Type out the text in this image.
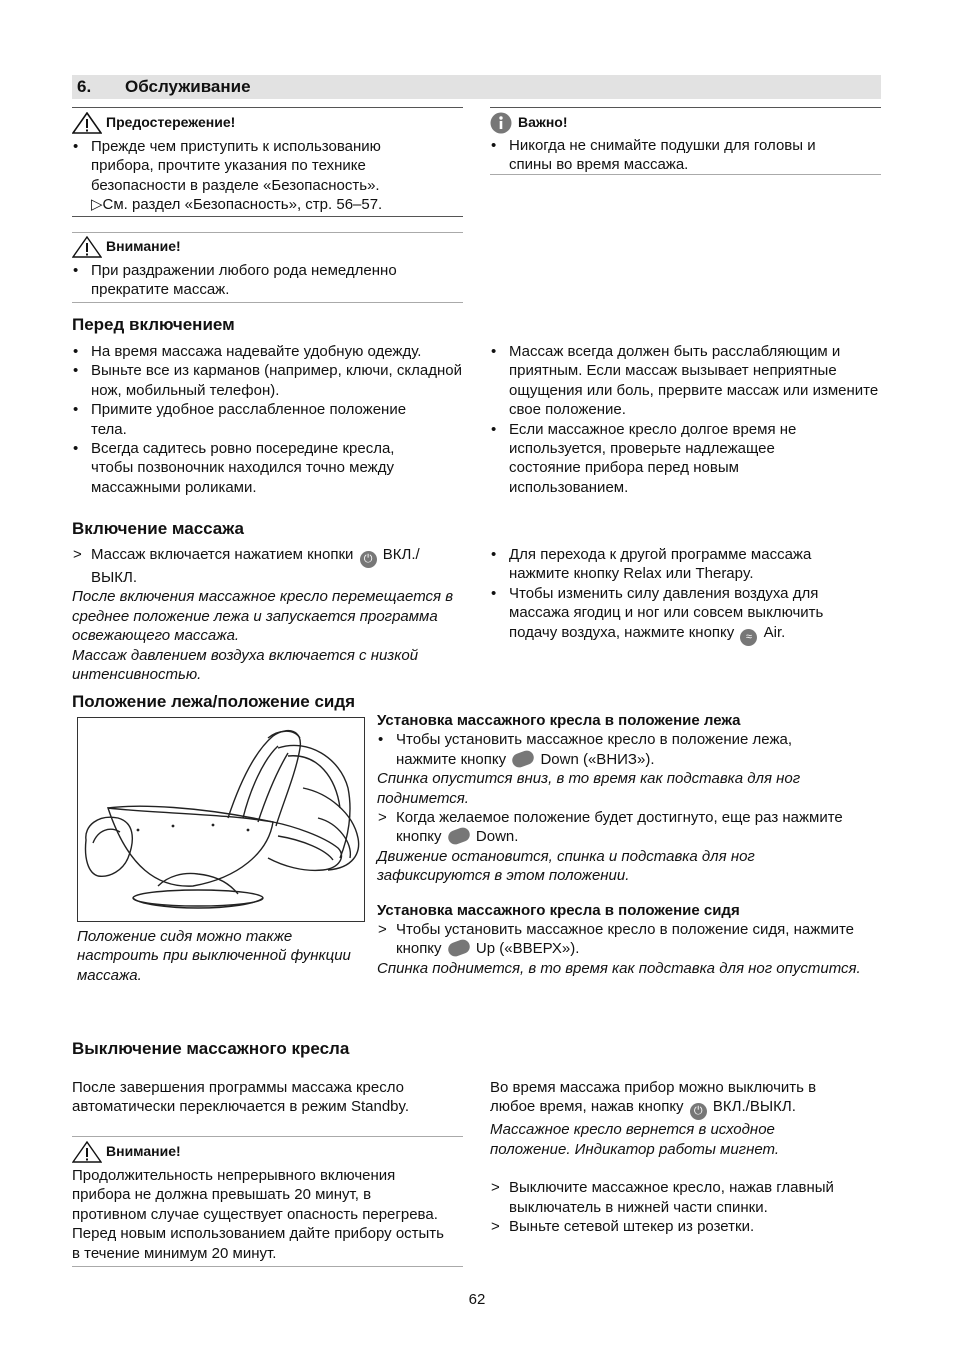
6. Обслуживание
Предостережение!
• Прежде чем приступить к использованию прибора, прочтите указания по технике безопасности в разделе «Безопасность».
▷См. раздел «Безопасность», стр. 56–57.
Внимание!
• При раздражении любого рода немедленно прекратите массаж.
Важно!
• Никогда не снимайте подушки для головы и спины во время массажа.
Перед включением
• На время массажа надевайте удобную одежду.
• Выньте все из карманов (например, ключи, складной нож, мобильный телефон).
• Примите удобное расслабленное положение тела.
• Всегда садитесь ровно посередине кресла, чтобы позвоночник находился точно между массажными роликами.
• Массаж всегда должен быть расслабляющим и приятным. Если массаж вызывает неприятные ощущения или боль, прервите массаж или измените свое положение.
• Если массажное кресло долгое время не используется, проверьте надлежащее состояние прибора перед новым использованием.
Включение массажа
> Массаж включается нажатием кнопки ⏻ ВКЛ./ВЫКЛ.

После включения массажное кресло перемещается в среднее положение лежа и запускается программа освежающего массажа.

Массаж давлением воздуха включается с низкой интенсивностью.

• Для перехода к другой программе массажа нажмите кнопку Relax или Therapy.
• Чтобы изменить силу давления воздуха для массажа ягодиц и ног или совсем выключить подачу воздуха, нажмите кнопку ≈ Air.
Положение лежа/положение сидя

Положение сидя можно также настроить при выключенной функции массажа.

Установка массажного кресла в положение лежа

• Чтобы установить массажное кресло в положение лежа, нажмите кнопку Down («ВНИЗ»).

Спинка опустится вниз, в то время как подставка для ног поднимется.

> Когда желаемое положение будет достигнуто, еще раз нажмите кнопку Down.

Движение остановится, спинка и подставка для ног зафиксируются в этом положении.

Установка массажного кресла в положение сидя

> Чтобы установить массажное кресло в положение сидя, нажмите кнопку Up («ВВЕРХ»).

Спинка поднимется, в то время как подставка для ног опустится.

Выключение массажного кресла

После завершения программы массажа кресло автоматически переключается в режим Standby.

Внимание!

Продолжительность непрерывного включения прибора не должна превышать 20 минут, в противном случае существует опасность перегрева. Перед новым использованием дайте прибору остыть в течение минимум 20 минут.

Во время массажа прибор можно выключить в любое время, нажав кнопку ⏻ ВКЛ./ВЫКЛ.

Массажное кресло вернется в исходное положение. Индикатор работы мигнет.

> Выключите массажное кресло, нажав главный выключатель в нижней части спинки.
> Выньте сетевой штекер из розетки.
62
